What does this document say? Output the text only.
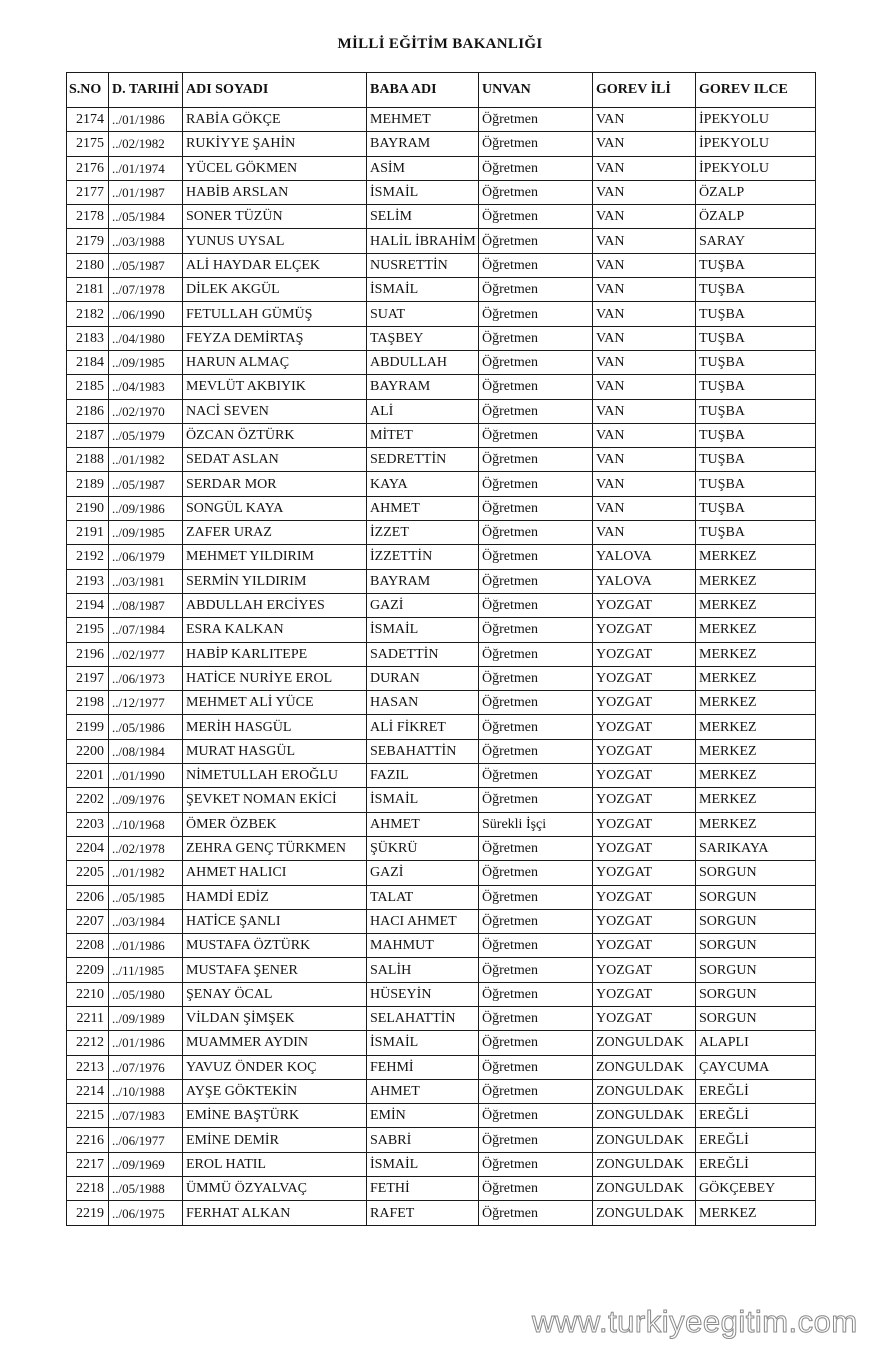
MİLLİ EĞİTİM BAKANLIĞI
S.NO	D. TARIHİ	ADI SOYADI	BABA ADI	UNVAN	GOREV İLİ	GOREV ILCE
2174	../01/1986	RABİA GÖKÇE	MEHMET	Öğretmen	VAN	İPEKYOLU
2175	../02/1982	RUKİYYE ŞAHİN	BAYRAM	Öğretmen	VAN	İPEKYOLU
2176	../01/1974	YÜCEL GÖKMEN	ASİM	Öğretmen	VAN	İPEKYOLU
2177	../01/1987	HABİB ARSLAN	İSMAİL	Öğretmen	VAN	ÖZALP
2178	../05/1984	SONER TÜZÜN	SELİM	Öğretmen	VAN	ÖZALP
2179	../03/1988	YUNUS UYSAL	HALİL İBRAHİM	Öğretmen	VAN	SARAY
2180	../05/1987	ALİ HAYDAR ELÇEK	NUSRETTİN	Öğretmen	VAN	TUŞBA
2181	../07/1978	DİLEK AKGÜL	İSMAİL	Öğretmen	VAN	TUŞBA
2182	../06/1990	FETULLAH GÜMÜŞ	SUAT	Öğretmen	VAN	TUŞBA
2183	../04/1980	FEYZA DEMİRTAŞ	TAŞBEY	Öğretmen	VAN	TUŞBA
2184	../09/1985	HARUN ALMAÇ	ABDULLAH	Öğretmen	VAN	TUŞBA
2185	../04/1983	MEVLÜT AKBIYIK	BAYRAM	Öğretmen	VAN	TUŞBA
2186	../02/1970	NACİ SEVEN	ALİ	Öğretmen	VAN	TUŞBA
2187	../05/1979	ÖZCAN ÖZTÜRK	MİTET	Öğretmen	VAN	TUŞBA
2188	../01/1982	SEDAT ASLAN	SEDRETTİN	Öğretmen	VAN	TUŞBA
2189	../05/1987	SERDAR MOR	KAYA	Öğretmen	VAN	TUŞBA
2190	../09/1986	SONGÜL KAYA	AHMET	Öğretmen	VAN	TUŞBA
2191	../09/1985	ZAFER URAZ	İZZET	Öğretmen	VAN	TUŞBA
2192	../06/1979	MEHMET YILDIRIM	İZZETTİN	Öğretmen	YALOVA	MERKEZ
2193	../03/1981	SERMİN YILDIRIM	BAYRAM	Öğretmen	YALOVA	MERKEZ
2194	../08/1987	ABDULLAH ERCİYES	GAZİ	Öğretmen	YOZGAT	MERKEZ
2195	../07/1984	ESRA KALKAN	İSMAİL	Öğretmen	YOZGAT	MERKEZ
2196	../02/1977	HABİP KARLITEPE	SADETTİN	Öğretmen	YOZGAT	MERKEZ
2197	../06/1973	HATİCE NURİYE EROL	DURAN	Öğretmen	YOZGAT	MERKEZ
2198	../12/1977	MEHMET ALİ YÜCE	HASAN	Öğretmen	YOZGAT	MERKEZ
2199	../05/1986	MERİH HASGÜL	ALİ FİKRET	Öğretmen	YOZGAT	MERKEZ
2200	../08/1984	MURAT HASGÜL	SEBAHATTİN	Öğretmen	YOZGAT	MERKEZ
2201	../01/1990	NİMETULLAH EROĞLU	FAZIL	Öğretmen	YOZGAT	MERKEZ
2202	../09/1976	ŞEVKET NOMAN EKİCİ	İSMAİL	Öğretmen	YOZGAT	MERKEZ
2203	../10/1968	ÖMER ÖZBEK	AHMET	Sürekli İşçi	YOZGAT	MERKEZ
2204	../02/1978	ZEHRA GENÇ TÜRKMEN	ŞÜKRÜ	Öğretmen	YOZGAT	SARIKAYA
2205	../01/1982	AHMET HALICI	GAZİ	Öğretmen	YOZGAT	SORGUN
2206	../05/1985	HAMDİ EDİZ	TALAT	Öğretmen	YOZGAT	SORGUN
2207	../03/1984	HATİCE ŞANLI	HACI AHMET	Öğretmen	YOZGAT	SORGUN
2208	../01/1986	MUSTAFA ÖZTÜRK	MAHMUT	Öğretmen	YOZGAT	SORGUN
2209	../11/1985	MUSTAFA ŞENER	SALİH	Öğretmen	YOZGAT	SORGUN
2210	../05/1980	ŞENAY ÖCAL	HÜSEYİN	Öğretmen	YOZGAT	SORGUN
2211	../09/1989	VİLDAN ŞİMŞEK	SELAHATTİN	Öğretmen	YOZGAT	SORGUN
2212	../01/1986	MUAMMER AYDIN	İSMAİL	Öğretmen	ZONGULDAK	ALAPLI
2213	../07/1976	YAVUZ ÖNDER KOÇ	FEHMİ	Öğretmen	ZONGULDAK	ÇAYCUMA
2214	../10/1988	AYŞE GÖKTEKİN	AHMET	Öğretmen	ZONGULDAK	EREĞLİ
2215	../07/1983	EMİNE BAŞTÜRK	EMİN	Öğretmen	ZONGULDAK	EREĞLİ
2216	../06/1977	EMİNE DEMİR	SABRİ	Öğretmen	ZONGULDAK	EREĞLİ
2217	../09/1969	EROL HATIL	İSMAİL	Öğretmen	ZONGULDAK	EREĞLİ
2218	../05/1988	ÜMMÜ ÖZYALVAÇ	FETHİ	Öğretmen	ZONGULDAK	GÖKÇEBEY
2219	../06/1975	FERHAT ALKAN	RAFET	Öğretmen	ZONGULDAK	MERKEZ
www.turkiyeegitim.com
